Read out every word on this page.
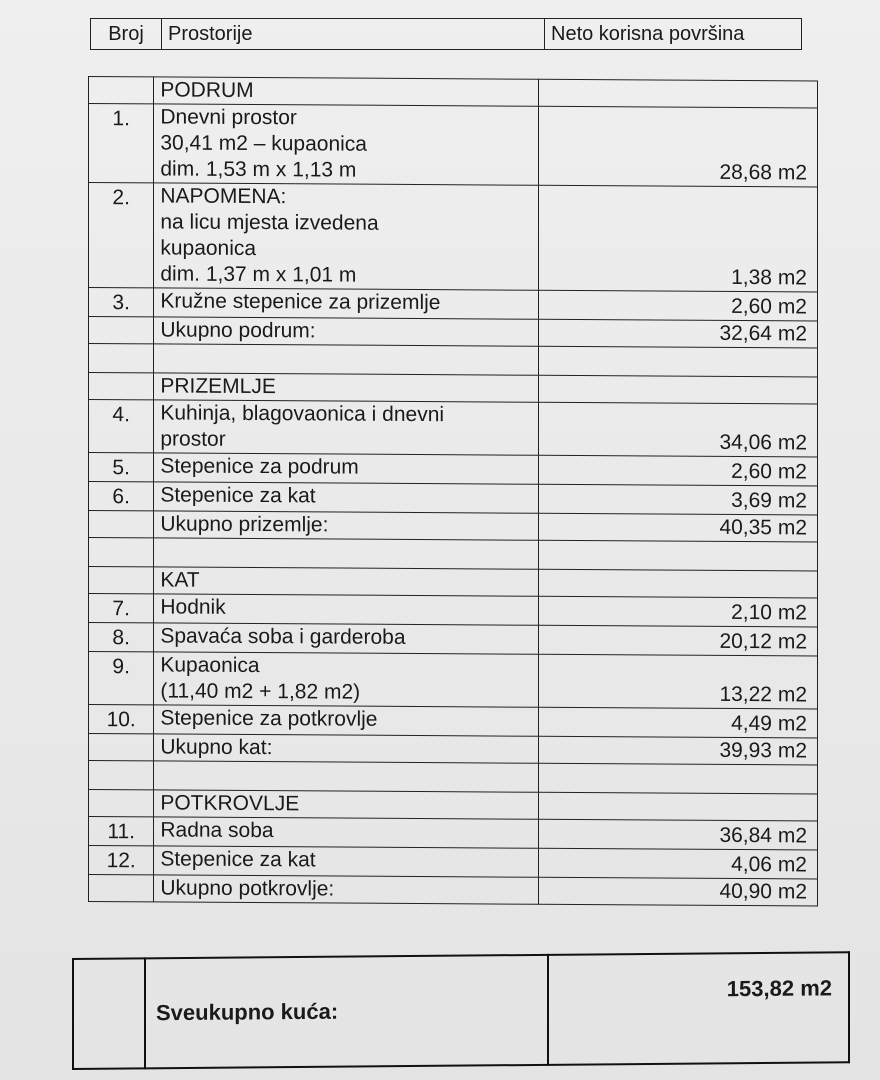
Broj	Prostorije	Neto korisna površina
	PODRUM	
1.	Dnevni prostor
30,41 m2 – kupaonica
dim. 1,53 m x 1,13 m	28,68 m2
2.	NAPOMENA:
na licu mjesta izvedena
kupaonica
dim. 1,37 m x 1,01 m	1,38 m2
3.	Kružne stepenice za prizemlje	2,60 m2
	Ukupno podrum:	32,64 m2

	PRIZEMLJE	
4.	Kuhinja, blagovaonica i dnevni
prostor	34,06 m2
5.	Stepenice za podrum	2,60 m2
6.	Stepenice za kat	3,69 m2
	Ukupno prizemlje:	40,35 m2

	KAT	
7.	Hodnik	2,10 m2
8.	Spavaća soba i garderoba	20,12 m2
9.	Kupaonica
(11,40 m2 + 1,82 m2)	13,22 m2
10.	Stepenice za potkrovlje	4,49 m2
	Ukupno kat:	39,93 m2

	POTKROVLJE	
11.	Radna soba	36,84 m2
12.	Stepenice za kat	4,06 m2
	Ukupno potkrovlje:	40,90 m2
	Sveukupno kuća:	153,82 m2
